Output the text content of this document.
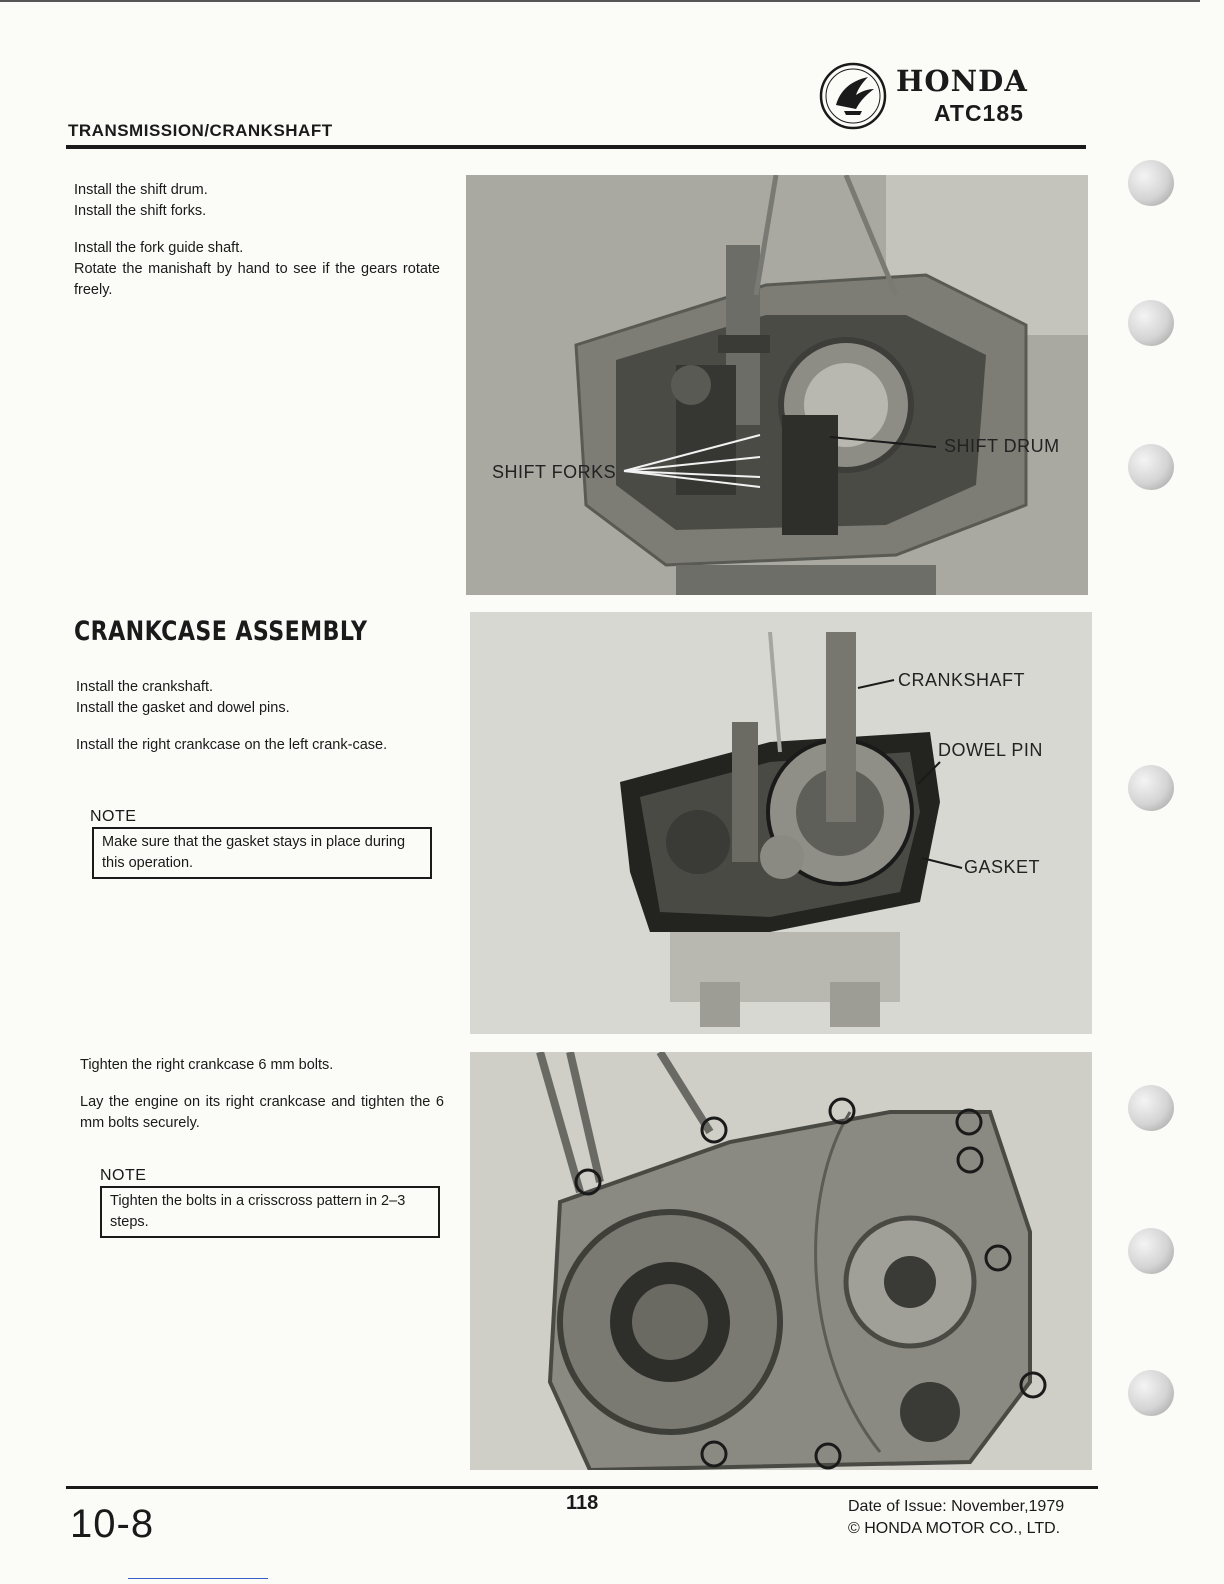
TRANSMISSION/CRANKSHAFT
HONDA
ATC185

Install the shift drum.

Install the shift forks.

Install the fork guide shaft.

Rotate the manishaft by hand to see if the gears rotate freely.

SHIFT FORKS
SHIFT DRUM
CRANKCASE ASSEMBLY

Install the crankshaft.

Install the gasket and dowel pins.

Install the right crankcase on the left crank-case.

NOTE
Make sure that the gasket stays in place during this operation.
CRANKSHAFT
DOWEL PIN
GASKET

Tighten the right crankcase 6 mm bolts.

Lay the engine on its right crankcase and tighten the 6 mm bolts securely.

NOTE
Tighten the bolts in a crisscross pattern in 2–3 steps.
10-8	118	Date of Issue: November,1979
© HONDA MOTOR CO., LTD.
